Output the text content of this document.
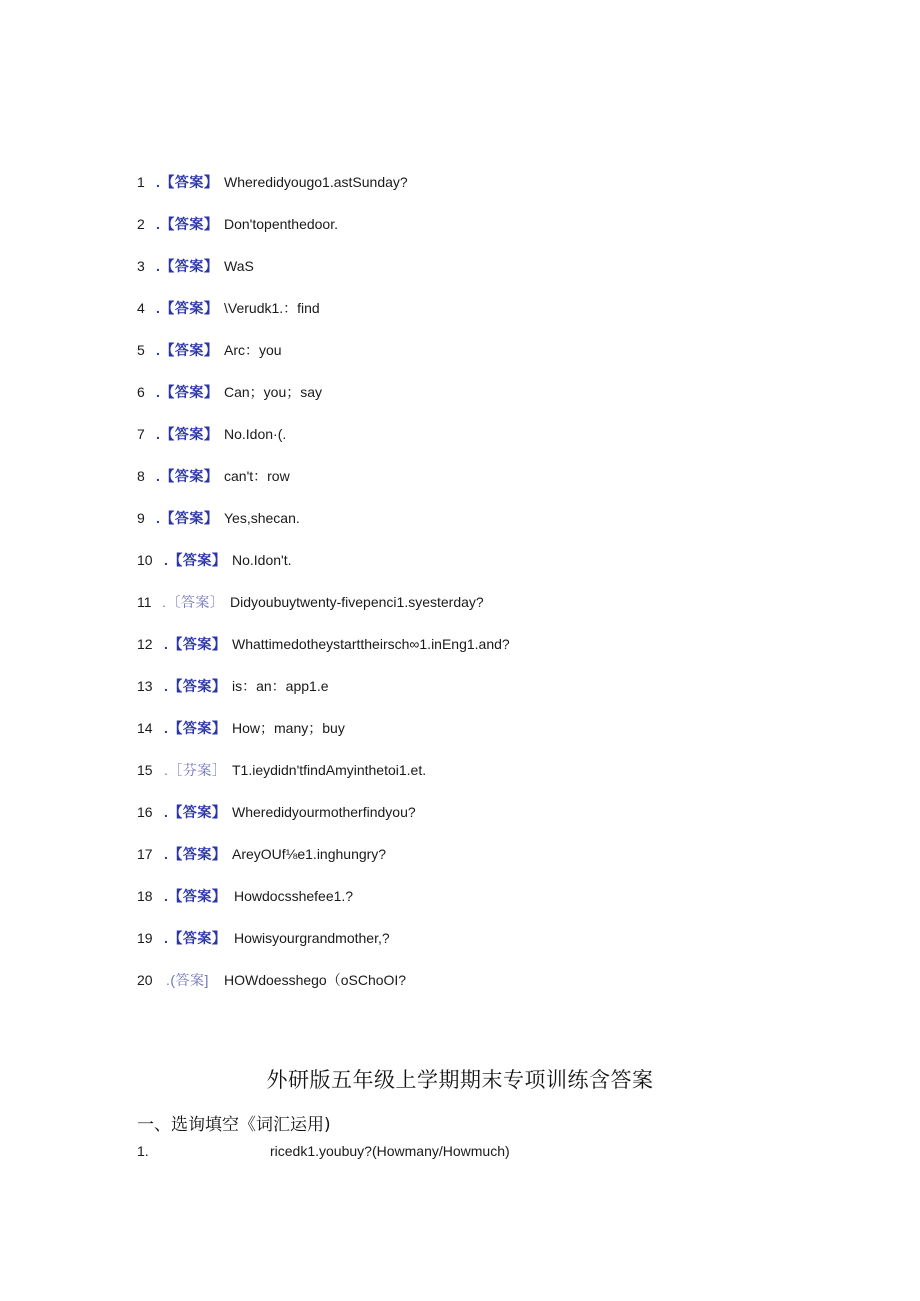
1 .【答案】 Wheredidyougo1.astSunday?
2 .【答案】 Don'topenthedoor.
3 .【答案】 WaS
4 .【答案】 \Verudk1.：find
5 .【答案】 Arc：you
6 .【答案】 Can；you；say
7 .【答案】 No.Idon·(.
8 .【答案】 can't：row
9 .【答案】 Yes,shecan.
10 .【答案】 No.Idon't.
11 .〔答案〕 Didyoubuytwenty-fivepenci1.syesterday?
12 .【答案】 Whattimedotheystarttheirsch∞1.inEng1.and?
13 .【答案】 is：an：app1.e
14 .【答案】 How；many；buy
15 .［芬案］ T1.ieydidn'tfindAmyinthetoi1.et.
16 .【答案】 Wheredidyourmotherfindyou?
17 .【答案】 AreyOUf⅛e1.inghungry?
18 .【答案】 Howdocsshefee1.?
19 .【答案】 Howisyourgrandmother,?
20 .(答案] HOWdoesshego（oSChoOI?
外研版五年级上学期期末专项训练含答案
一、选询填空《词汇运用)
1.	ricedk1.youbuy?(Howmany/Howmuch)
